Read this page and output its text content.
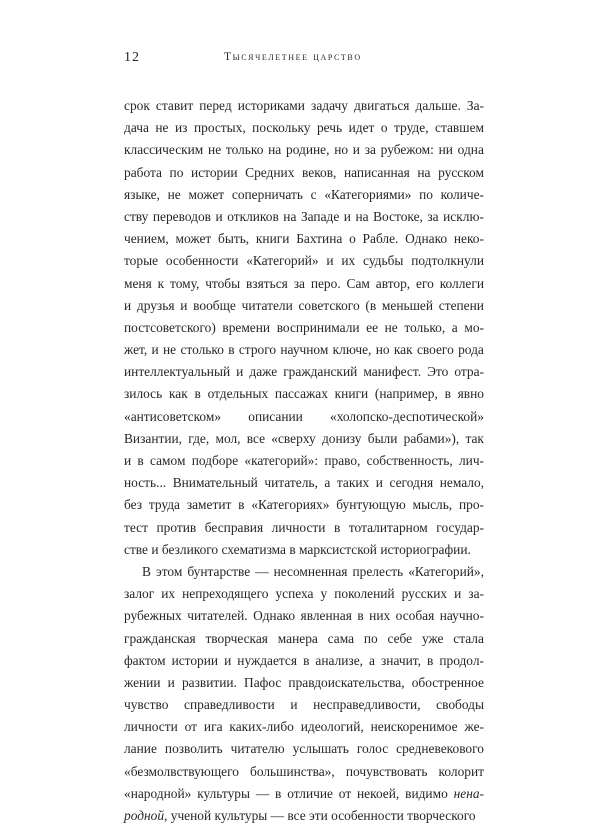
12	Тысячелетнее царство
срок ставит перед историками задачу двигаться дальше. За-
дача не из простых, поскольку речь идет о труде, ставшем
классическим не только на родине, но и за рубежом: ни одна
работа по истории Средних веков, написанная на русском
языке, не может соперничать с «Категориями» по количе-
ству переводов и откликов на Западе и на Востоке, за исклю-
чением, может быть, книги Бахтина о Рабле. Однако неко-
торые особенности «Категорий» и их судьбы подтолкнули
меня к тому, чтобы взяться за перо. Сам автор, его коллеги
и друзья и вообще читатели советского (в меньшей степени
постсоветского) времени воспринимали ее не только, а мо-
жет, и не столько в строго научном ключе, но как своего рода
интеллектуальный и даже гражданский манифест. Это отра-
зилось как в отдельных пассажах книги (например, в явно
«антисоветском» описании «холопско-деспотической»
Византии, где, мол, все «сверху донизу были рабами»), так
и в самом подборе «категорий»: право, собственность, лич-
ность... Внимательный читатель, а таких и сегодня немало,
без труда заметит в «Категориях» бунтующую мысль, про-
тест против бесправия личности в тоталитарном государ-
стве и безликого схематизма в марксистской историографии.
В этом бунтарстве — несомненная прелесть «Категорий»,
залог их непреходящего успеха у поколений русских и за-
рубежных читателей. Однако явленная в них особая научно-
гражданская творческая манера сама по себе уже стала
фактом истории и нуждается в анализе, а значит, в продол-
жении и развитии. Пафос правдоискательства, обостренное
чувство справедливости и несправедливости, свободы
личности от ига каких-либо идеологий, неискоренимое же-
лание позволить читателю услышать голос средневекового
«безмолвствующего большинства», почувствовать колорит
«народной» культуры — в отличие от некоей, видимо нена-
родной, ученой культуры — все эти особенности творческого
